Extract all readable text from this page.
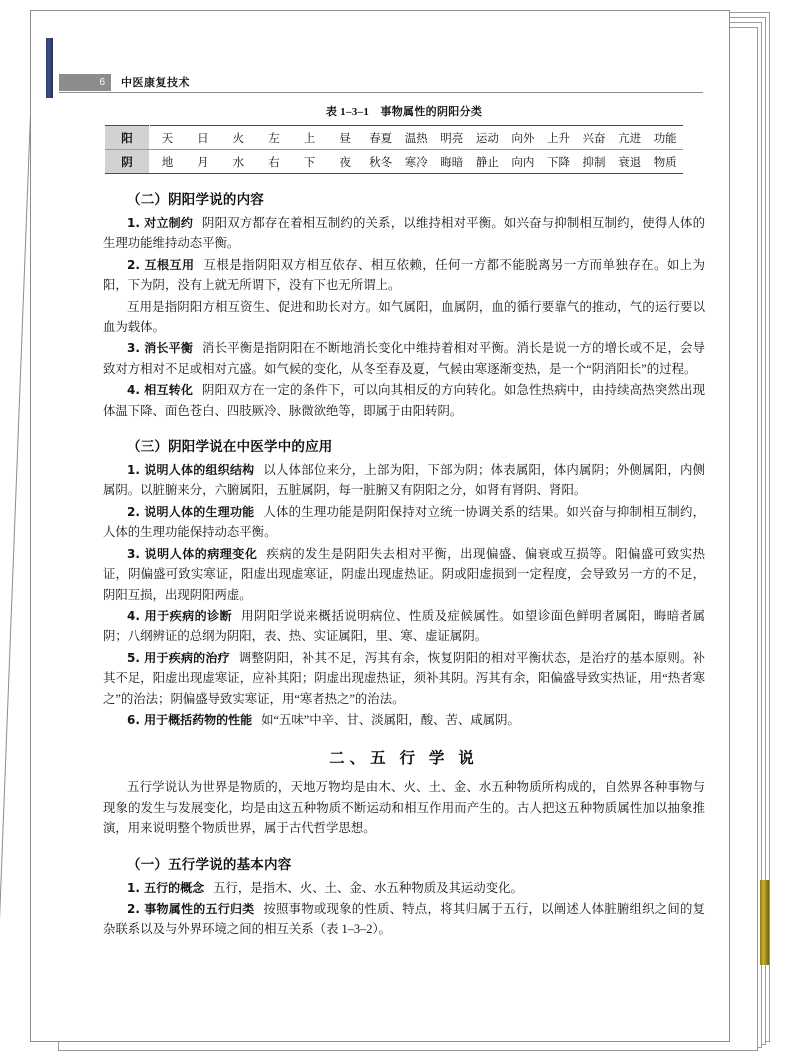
6 中医康复技术
表 1–3–1　事物属性的阴阳分类
阳	天	日	火	左	上	昼	春夏	温热	明亮	运动	向外	上升	兴奋	亢进	功能
阴	地	月	水	右	下	夜	秋冬	寒冷	晦暗	静止	向内	下降	抑制	衰退	物质
（二）阴阳学说的内容

1. 对立制约 阴阳双方都存在着相互制约的关系，以维持相对平衡。如兴奋与抑制相互制约，使得人体的生理功能维持动态平衡。

2. 互根互用 互根是指阴阳双方相互依存、相互依赖，任何一方都不能脱离另一方而单独存在。如上为阳，下为阴，没有上就无所谓下，没有下也无所谓上。

互用是指阴阳方相互资生、促进和助长对方。如气属阳，血属阴，血的循行要靠气的推动，气的运行要以血为载体。

3. 消长平衡 消长平衡是指阴阳在不断地消长变化中维持着相对平衡。消长是说一方的增长或不足，会导致对方相对不足或相对亢盛。如气候的变化，从冬至春及夏，气候由寒逐渐变热，是一个“阴消阳长”的过程。

4. 相互转化 阴阳双方在一定的条件下，可以向其相反的方向转化。如急性热病中，由持续高热突然出现体温下降、面色苍白、四肢厥冷、脉微欲绝等，即属于由阳转阴。

（三）阴阳学说在中医学中的应用

1. 说明人体的组织结构 以人体部位来分，上部为阳，下部为阴；体表属阳，体内属阴；外侧属阳，内侧属阴。以脏腑来分，六腑属阳，五脏属阴，每一脏腑又有阴阳之分，如肾有肾阴、肾阳。

2. 说明人体的生理功能 人体的生理功能是阴阳保持对立统一协调关系的结果。如兴奋与抑制相互制约，人体的生理功能保持动态平衡。

3. 说明人体的病理变化 疾病的发生是阴阳失去相对平衡，出现偏盛、偏衰或互损等。阳偏盛可致实热证，阴偏盛可致实寒证，阳虚出现虚寒证，阴虚出现虚热证。阴或阳虚损到一定程度，会导致另一方的不足，阴阳互损，出现阴阳两虚。

4. 用于疾病的诊断 用阴阳学说来概括说明病位、性质及症候属性。如望诊面色鲜明者属阳，晦暗者属阴；八纲辨证的总纲为阴阳，表、热、实证属阳，里、寒、虚证属阴。

5. 用于疾病的治疗 调整阴阳，补其不足，泻其有余，恢复阴阳的相对平衡状态，是治疗的基本原则。补其不足，阳虚出现虚寒证，应补其阳；阴虚出现虚热证，须补其阴。泻其有余，阳偏盛导致实热证，用“热者寒之”的治法；阴偏盛导致实寒证，用“寒者热之”的治法。

6. 用于概括药物的性能 如“五味”中辛、甘、淡属阳，酸、苦、咸属阴。

二、五 行 学 说

五行学说认为世界是物质的，天地万物均是由木、火、土、金、水五种物质所构成的，自然界各种事物与现象的发生与发展变化，均是由这五种物质不断运动和相互作用而产生的。古人把这五种物质属性加以抽象推演，用来说明整个物质世界，属于古代哲学思想。

（一）五行学说的基本内容

1. 五行的概念 五行，是指木、火、土、金、水五种物质及其运动变化。

2. 事物属性的五行归类 按照事物或现象的性质、特点，将其归属于五行，以阐述人体脏腑组织之间的复杂联系以及与外界环境之间的相互关系（表 1–3–2）。
